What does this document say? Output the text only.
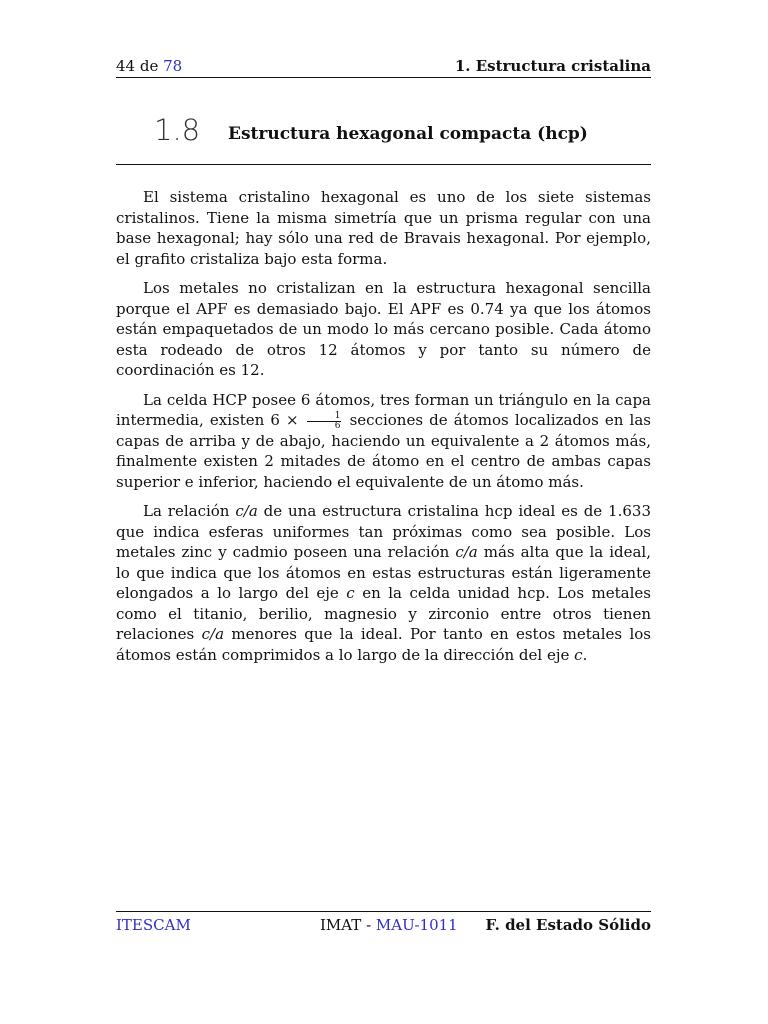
44 de 78	1. Estructura cristalina
1.8 Estructura hexagonal compacta (hcp)

El sistema cristalino hexagonal es uno de los siete sistemas cristalinos. Tiene la misma simetría que un prisma regular con una base hexagonal; hay sólo una red de Bravais hexagonal. Por ejemplo, el grafito cristaliza bajo esta forma.

Los metales no cristalizan en la estructura hexagonal sencilla porque el APF es demasiado bajo. El APF es 0.74 ya que los átomos están empaquetados de un modo lo más cercano posible. Cada átomo esta rodeado de otros 12 átomos y por tanto su número de coordinación es 12.

La celda HCP posee 6 átomos, tres forman un triángulo en la capa intermedia, existen $6 \times \frac{1}{6}$ secciones de átomos localizados en las capas de arriba y de abajo, haciendo un equivalente a 2 átomos más, finalmente existen 2 mitades de átomo en el centro de ambas capas superior e inferior, haciendo el equivalente de un átomo más.

La relación c/a de una estructura cristalina hcp ideal es de 1.633 que indica esferas uniformes tan próximas como sea posible. Los metales zinc y cadmio poseen una relación c/a más alta que la ideal, lo que indica que los átomos en estas estructuras están ligeramente elongados a lo largo del eje c en la celda unidad hcp. Los metales como el titanio, berilio, magnesio y zirconio entre otros tienen relaciones c/a menores que la ideal. Por tanto en estos metales los átomos están comprimidos a lo largo de la dirección del eje c.

ITESCAM	IMAT - MAU-1011 F. del Estado Sólido
